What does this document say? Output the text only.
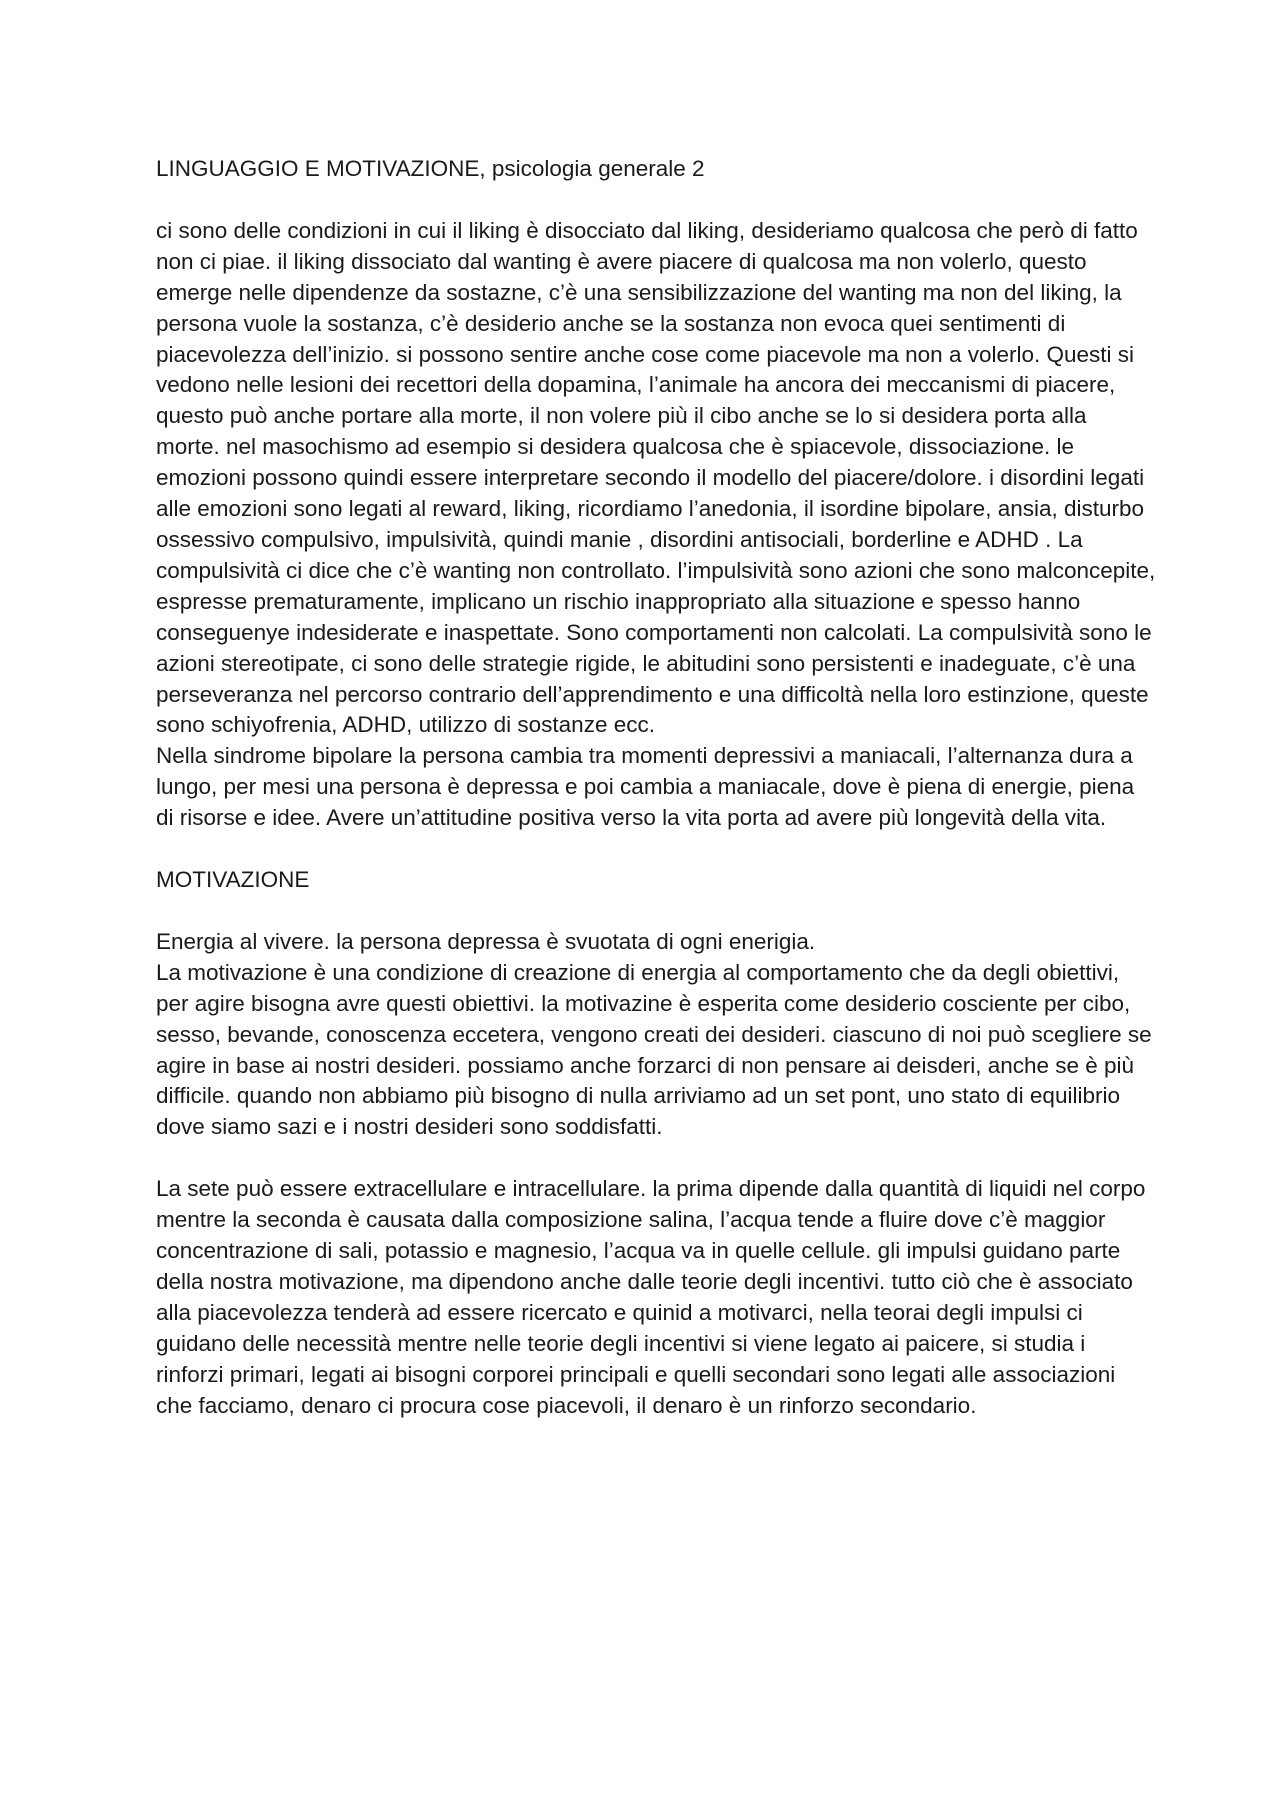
LINGUAGGIO E MOTIVAZIONE, psicologia generale 2

ci sono delle condizioni in cui il liking è disocciato dal liking, desideriamo qualcosa che però di fatto non ci piae. il liking dissociato dal wanting è avere piacere di qualcosa ma non volerlo, questo emerge nelle dipendenze da sostazne, c’è una sensibilizzazione del wanting ma non del liking, la persona vuole la sostanza, c’è desiderio anche se la sostanza non evoca quei sentimenti di piacevolezza dell’inizio. si possono sentire anche cose come piacevole ma non a volerlo. Questi si vedono nelle lesioni dei recettori della dopamina, l’animale ha ancora dei meccanismi di piacere, questo può anche portare alla morte, il non volere più il cibo anche se lo si desidera porta alla morte. nel masochismo ad esempio si desidera qualcosa che è spiacevole, dissociazione. le emozioni possono quindi essere interpretare secondo il modello del piacere/dolore. i disordini legati alle emozioni sono legati al reward, liking, ricordiamo l’anedonia, il isordine bipolare, ansia, disturbo ossessivo compulsivo, impulsività, quindi manie , disordini antisociali, borderline e ADHD . La compulsività ci dice che c’è wanting non controllato. l’impulsività sono azioni che sono malconcepite, espresse prematuramente, implicano un rischio inappropriato alla situazione e spesso hanno conseguenye indesiderate e inaspettate. Sono comportamenti non calcolati. La compulsività sono le azioni stereotipate, ci sono delle strategie rigide, le abitudini sono persistenti e inadeguate, c’è una perseveranza nel percorso contrario dell’apprendimento e una difficoltà nella loro estinzione, queste sono schiyofrenia, ADHD, utilizzo di sostanze ecc.

Nella sindrome bipolare la persona cambia tra momenti depressivi a maniacali, l’alternanza dura a lungo, per mesi una persona è depressa e poi cambia a maniacale, dove è piena di energie, piena di risorse e idee. Avere un’attitudine positiva verso la vita porta ad avere più longevità della vita.

MOTIVAZIONE

Energia al vivere. la persona depressa è svuotata di ogni enerigia.

La motivazione è una condizione di creazione di energia al comportamento che da degli obiettivi, per agire bisogna avre questi obiettivi. la motivazine è esperita come desiderio cosciente per cibo, sesso, bevande, conoscenza eccetera, vengono creati dei desideri. ciascuno di noi può scegliere se agire in base ai nostri desideri. possiamo anche forzarci di non pensare ai deisderi, anche se è più difficile. quando non abbiamo più bisogno di nulla arriviamo ad un set pont, uno stato di equilibrio dove siamo sazi e i nostri desideri sono soddisfatti.

La sete può essere extracellulare e intracellulare. la prima dipende dalla quantità di liquidi nel corpo mentre la seconda è causata dalla composizione salina, l’acqua tende a fluire dove c’è maggior concentrazione di sali, potassio e magnesio, l’acqua va in quelle cellule. gli impulsi guidano parte della nostra motivazione, ma dipendono anche dalle teorie degli incentivi. tutto ciò che è associato alla piacevolezza tenderà ad essere ricercato e quinid a motivarci, nella teorai degli impulsi ci guidano delle necessità mentre nelle teorie degli incentivi si viene legato ai paicere, si studia i rinforzi primari, legati ai bisogni corporei principali e quelli secondari sono legati alle associazioni che facciamo, denaro ci procura cose piacevoli, il denaro è un rinforzo secondario.
